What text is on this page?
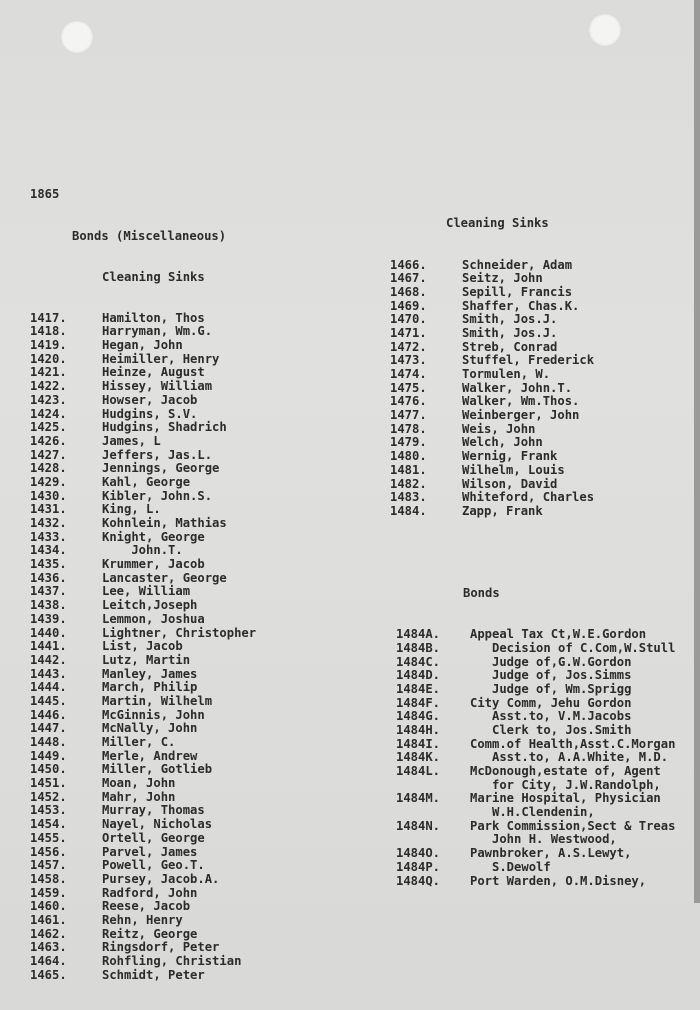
1865

Bonds (Miscellaneous)

Cleaning Sinks

1417.	Hamilton, Thos
1418.	Harryman, Wm.G.
1419.	Hegan, John
1420.	Heimiller, Henry
1421.	Heinze, August
1422.	Hissey, William
1423.	Howser, Jacob
1424.	Hudgins, S.V.
1425.	Hudgins, Shadrich
1426.	James, L
1427.	Jeffers, Jas.L.
1428.	Jennings, George
1429.	Kahl, George
1430.	Kibler, John.S.
1431.	King, L.
1432.	Kohnlein, Mathias
1433.	Knight, George
1434.	John.T.
1435.	Krummer, Jacob
1436.	Lancaster, George
1437.	Lee, William
1438.	Leitch,Joseph
1439.	Lemmon, Joshua
1440.	Lightner, Christopher
1441.	List, Jacob
1442.	Lutz, Martin
1443.	Manley, James
1444.	March, Philip
1445.	Martin, Wilhelm
1446.	McGinnis, John
1447.	McNally, John
1448.	Miller, C.
1449.	Merle, Andrew
1450.	Miller, Gotlieb
1451.	Moan, John
1452.	Mahr, John
1453.	Murray, Thomas
1454.	Nayel, Nicholas
1455.	Ortell, George
1456.	Parvel, James
1457.	Powell, Geo.T.
1458.	Pursey, Jacob.A.
1459.	Radford, John
1460.	Reese, Jacob
1461.	Rehn, Henry
1462.	Reitz, George
1463.	Ringsdorf, Peter
1464.	Rohfling, Christian
1465.	Schmidt, Peter

Cleaning Sinks

1466.	Schneider, Adam
1467.	Seitz, John
1468.	Sepill, Francis
1469.	Shaffer, Chas.K.
1470.	Smith, Jos.J.
1471.	Smith, Jos.J.
1472.	Streb, Conrad
1473.	Stuffel, Frederick
1474.	Tormulen, W.
1475.	Walker, John.T.
1476.	Walker, Wm.Thos.
1477.	Weinberger, John
1478.	Weis, John
1479.	Welch, John
1480.	Wernig, Frank
1481.	Wilhelm, Louis
1482.	Wilson, David
1483.	Whiteford, Charles
1484.	Zapp, Frank

Bonds

1484A. Appeal Tax Ct,W.E.Gordon
1484B.   Decision of C.Com,W.Stull
1484C.   Judge of,G.W.Gordon
1484D.   Judge of, Jos.Simms
1484E.   Judge of, Wm.Sprigg
1484F. City Comm, Jehu Gordon
1484G.   Asst.to, V.M.Jacobs
1484H.   Clerk to, Jos.Smith
1484I. Comm.of Health,Asst.C.Morgan
1484K.   Asst.to, A.A.White, M.D.
1484L. McDonough,estate of, Agent
for City, J.W.Randolph,
1484M. Marine Hospital, Physician
W.H.Clendenin,
1484N. Park Commission,Sect & Treas
John H. Westwood,
1484O. Pawnbroker, A.S.Lewyt,
1484P.   S.Dewolf
1484Q. Port Warden, O.M.Disney,
